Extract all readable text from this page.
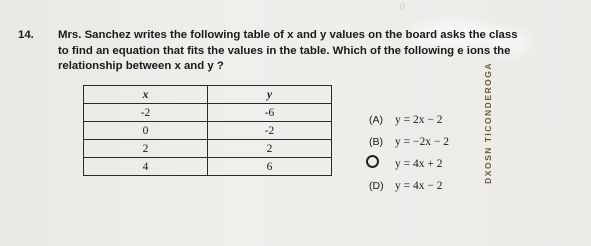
0
14. Mrs. Sanchez writes the following table of x and y values on the board asks the class
to find an equation that fits the values in the table. Which of the following e ions the
relationship between x and y ?
x	y
-2	-6
0	-2
2	2
4	6
(A) y = 2x − 2
(B) y = −2x − 2
y = 4x + 2
(D) y = 4x − 2
DXOSN TICONDEROGA
